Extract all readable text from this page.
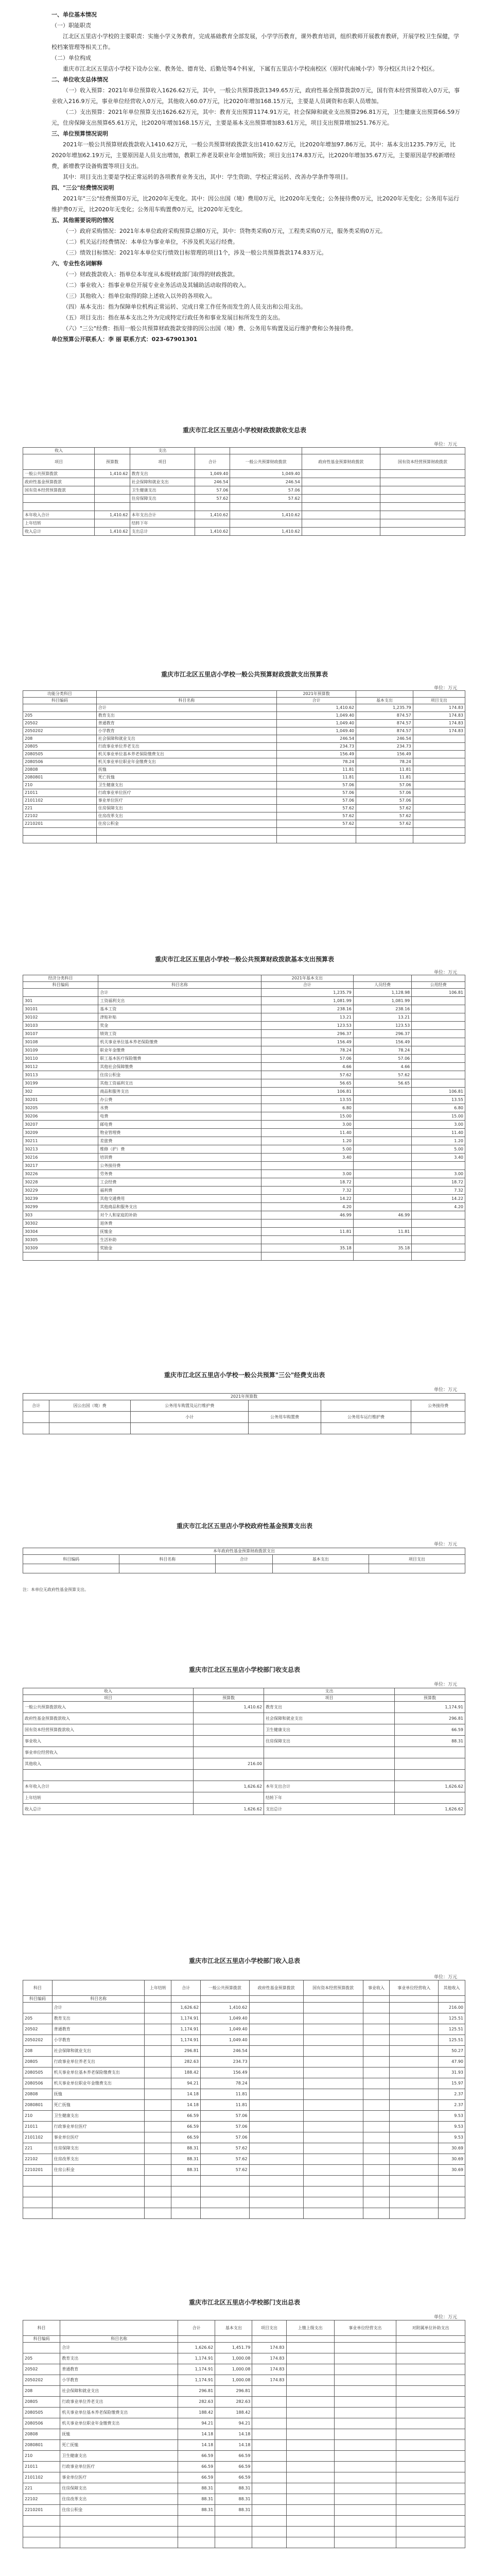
一、单位基本情况

（一）职能职责

江北区五里店小学校的主要职责：实施小学义务教育，完成基础教育全部发展，小学学历教育，课外教育培训，组织教师开展教育教研，开展学校卫生保健，学校档案管理等相关工作。

（二）单位构成

重庆市江北区五里店小学校下设办公室、教务处、德育处、后勤处等4个科室，下属有五里店小学校南校区（原时代南城小学）等分校区共计2个校区。

二、单位收支总体情况

（一）收入预算：2021年单位预算收入1626.62万元，其中，一般公共预算拨款1349.65万元，政府性基金预算拨款0万元，国有资本经营预算收入0万元，事业收入216.9万元，事业单位经营收入0万元，其他收入60.07万元，比2020年增加168.15万元，主要是人员调资和在职人员增加。

（二）支出预算：2021年单位预算支出1626.62万元，其中：教育支出预算1174.91万元，社会保障和就业支出预算296.81万元，卫生健康支出预算66.59万元，住房保障支出预算65.61万元，比2020年增加168.15万元，主要是基本支出预算增加83.61万元，项目支出预算增加251.76万元。

三、单位预算情况说明

2021年一般公共预算财政拨款收入1410.62万元，一般公共预算财政拨款支出1410.62万元，比2020年增加97.86万元。其中：基本支出1235.79万元，比2020年增加62.19万元，主要原因是人员支出增加，教职工养老及职业年金增加所致；项目支出174.83万元，比2020年增加35.67万元，主要原因是学校新增经费，新增教学设备购置等项目支出。

其中：项目支出主要是学校正常运转的各项教育业务支出，其中：学生资助、学校正常运转、改善办学条件等项目。

四、"三公"经费情况说明

2021年"三公"经费预算0万元，比2020年无变化。其中：因公出国（境）费用0万元，比2020年无变化；公务接待费0万元，比2020年无变化；公务用车运行维护费0万元，比2020年无变化；公务用车购置费0万元，比2020年无变化。

五、其他需要说明的情况

（一）政府采购情况：2021年本单位政府采购预算总额0万元，其中：货物类采购0万元，工程类采购0万元，服务类采购0万元。

（二）机关运行经费情况：本单位为事业单位，不涉及机关运行经费。

（三）绩效目标情况：2021年本单位实行绩效目标管理的项目1个，涉及一般公共预算拨款174.83万元。

六、专业性名词解释

（一）财政拨款收入：指单位本年度从本级财政部门取得的财政拨款。

（二）事业收入：指事业单位开展专业业务活动及其辅助活动取得的收入。

（三）其他收入：指单位取得的除上述收入以外的各项收入。

（四）基本支出：指为保障单位机构正常运转、完成日常工作任务而发生的人员支出和公用支出。

（五）项目支出：指在基本支出之外为完成特定行政任务和事业发展目标所发生的支出。

（六）"三公"经费：指用一般公共预算财政拨款安排的因公出国（境）费、公务用车购置及运行维护费和公务接待费。

单位预算公开联系人：李 丽 联系方式：023-67901301

重庆市江北区五里店小学校财政拨款收支总表
单位：万元
收入		支出				
项目	预算数	项目	合计	一般公共预算财政拨款	政府性基金预算财政拨款	国有资本经营预算财政拨款
一般公共预算拨款	1,410.62	教育支出	1,049.40	1,049.40		
政府性基金预算拨款		社会保障和就业支出	246.54	246.54		
国有资本经营预算拨款		卫生健康支出	57.06	57.06		
		住房保障支出	57.62	57.62		

本年收入合计	1,410.62	本年支出合计	1,410.62	1,410.62		
上年结转		结转下年				
收入总计	1,410.62	支出总计	1,410.62	1,410.62		
重庆市江北区五里店小学校一般公共预算财政拨款支出预算表
单位：万元
功能分类科目		2021年预算数		
科目编码	科目名称	合计	基本支出	项目支出
	合计	1,410.62	1,235.79	174.83
205	教育支出	1,049.40	874.57	174.83
20502	普通教育	1,049.40	874.57	174.83
2050202	小学教育	1,049.40	874.57	174.83
208	社会保障和就业支出	246.54	246.54	
20805	行政事业单位养老支出	234.73	234.73	
2080505	机关事业单位基本养老保险缴费支出	156.49	156.49	
2080506	机关事业单位职业年金缴费支出	78.24	78.24	
20808	抚恤	11.81	11.81	
2080801	死亡抚恤	11.81	11.81	
210	卫生健康支出	57.06	57.06	
21011	行政事业单位医疗	57.06	57.06	
2101102	事业单位医疗	57.06	57.06	
221	住房保障支出	57.62	57.62	
22102	住房改革支出	57.62	57.62	
2210201	住房公积金	57.62	57.62	

重庆市江北区五里店小学校一般公共预算财政拨款基本支出预算表
单位：万元
经济分类科目		2021年基本支出		
科目编码	科目名称	合计	人员经费	公用经费
	合计	1,235.79	1,128.98	106.81
301	工资福利支出	1,081.99	1,081.99	
30101	基本工资	238.16	238.16	
30102	津贴补贴	13.21	13.21	
30103	奖金	123.53	123.53	
30107	绩效工资	296.37	296.37	
30108	机关事业单位基本养老保险缴费	156.49	156.49	
30109	职业年金缴费	78.24	78.24	
30110	职工基本医疗保险缴费	57.06	57.06	
30112	其他社会保障缴费	4.66	4.66	
30113	住房公积金	57.62	57.62	
30199	其他工资福利支出	56.65	56.65	
302	商品和服务支出	106.81		106.81
30201	办公费	13.55		13.55
30205	水费	6.80		6.80
30206	电费	15.00		15.00
30207	邮电费	3.00		3.00
30209	物业管理费	11.40		11.40
30211	差旅费	1.20		1.20
30213	维修（护）费	5.00		5.00
30216	培训费	3.40		3.40
30217	公务接待费			
30226	劳务费	3.00		3.00
30228	工会经费	18.72		18.72
30229	福利费	7.32		7.32
30239	其他交通费用	14.22		14.22
30299	其他商品和服务支出	4.20		4.20
303	对个人和家庭的补助	46.99	46.99	
30302	退休费			
30304	抚恤金	11.81	11.81	
30305	生活补助			
30309	奖励金	35.18	35.18	

重庆市江北区五里店小学校一般公共预算"三公"经费支出表
单位：万元
2021年预算数					
合计	因公出国（境）费	公务用车购置及运行维护费			公务接待费
		小计	公务用车购置费	公务用车运行维护费	

重庆市江北区五里店小学校政府性基金预算支出表
单位：万元
本年政府性基金预算财政拨款支出				
科目编码	科目名称	合计	基本支出	项目支出

注：本单位无政府性基金预算支出。
重庆市江北区五里店小学校部门收支总表
单位：万元
收入		支出	
项目	预算数	项目	预算数
一般公共预算拨款收入	1,410.62	教育支出	1,174.91
政府性基金预算拨款收入		社会保障和就业支出	296.81
国有资本经营预算拨款收入		卫生健康支出	66.59
事业收入		住房保障支出	88.31
事业单位经营收入			
其他收入	216.00		

本年收入合计	1,626.62	本年支出合计	1,626.62
上年结转		结转下年	
收入总计	1,626.62	支出总计	1,626.62
重庆市江北区五里店小学校部门收入总表
单位：万元
科目		上年结转	合计	一般公共预算拨款	政府性基金预算拨款	国有资本经营预算拨款	事业收入	事业单位经营收入	其他收入
科目编码	科目名称								
	合计		1,626.62	1,410.62					216.00
205	教育支出		1,174.91	1,049.40					125.51
20502	普通教育		1,174.91	1,049.40					125.51
2050202	小学教育		1,174.91	1,049.40					125.51
208	社会保障和就业支出		296.81	246.54					50.27
20805	行政事业单位养老支出		282.63	234.73					47.90
2080505	机关事业单位基本养老保险缴费支出		188.42	156.49					31.93
2080506	机关事业单位职业年金缴费支出		94.21	78.24					15.97
20808	抚恤		14.18	11.81					2.37
2080801	死亡抚恤		14.18	11.81					2.37
210	卫生健康支出		66.59	57.06					9.53
21011	行政事业单位医疗		66.59	57.06					9.53
2101102	事业单位医疗		66.59	57.06					9.53
221	住房保障支出		88.31	57.62					30.69
22102	住房改革支出		88.31	57.62					30.69
2210201	住房公积金		88.31	57.62					30.69

重庆市江北区五里店小学校部门支出总表
单位：万元
科目		合计	基本支出	项目支出	上缴上级支出	事业单位经营支出	对附属单位补助支出
科目编码	科目名称						
	合计	1,626.62	1,451.79	174.83			
205	教育支出	1,174.91	1,000.08	174.83			
20502	普通教育	1,174.91	1,000.08	174.83			
2050202	小学教育	1,174.91	1,000.08	174.83			
208	社会保障和就业支出	296.81	296.81				
20805	行政事业单位养老支出	282.63	282.63				
2080505	机关事业单位基本养老保险缴费支出	188.42	188.42				
2080506	机关事业单位职业年金缴费支出	94.21	94.21				
20808	抚恤	14.18	14.18				
2080801	死亡抚恤	14.18	14.18				
210	卫生健康支出	66.59	66.59				
21011	行政事业单位医疗	66.59	66.59				
2101102	事业单位医疗	66.59	66.59				
221	住房保障支出	88.31	88.31				
22102	住房改革支出	88.31	88.31				
2210201	住房公积金	88.31	88.31				
